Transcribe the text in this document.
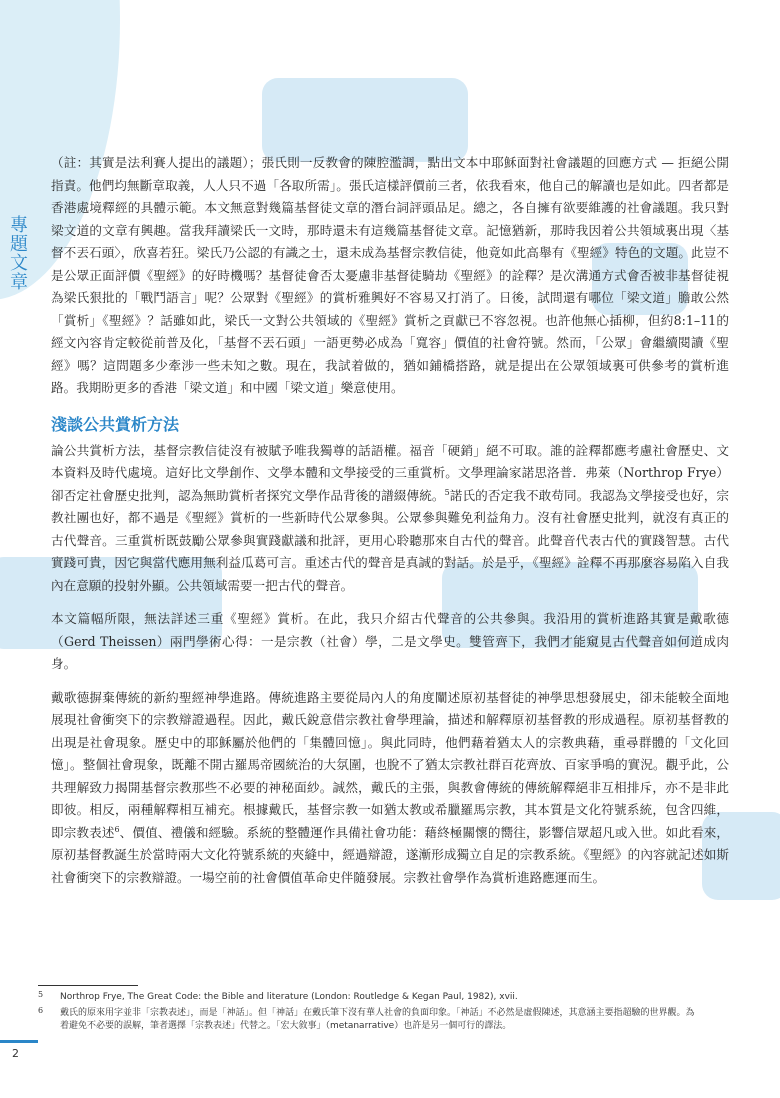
專題文章

（註：其實是法利賽人提出的議題）；張氏則一反教會的陳腔濫調，點出文本中耶穌面對社會議題的回應方式 — 拒絕公開指責。他們均無斷章取義，人人只不過「各取所需」。張氏這樣評價前三者，依我看來，他自己的解讀也是如此。四者都是香港處境釋經的具體示範。本文無意對幾篇基督徒文章的潛台詞評頭品足。總之，各自擁有欲要維護的社會議題。我只對梁文道的文章有興趣。當我拜讀梁氏一文時，那時還未有這幾篇基督徒文章。記憶猶新，那時我因着公共領域裏出現〈基督不丟石頭〉，欣喜若狂。梁氏乃公認的有識之士，還未成為基督宗教信徒，他竟如此高舉有《聖經》特色的文題。此豈不是公眾正面評價《聖經》的好時機嗎？基督徒會否太憂慮非基督徒騎劫《聖經》的詮釋？是次溝通方式會否被非基督徒視為梁氏狠批的「戰鬥語言」呢？公眾對《聖經》的賞析雅興好不容易又打消了。日後，試問還有哪位「梁文道」膽敢公然「賞析」《聖經》？話雖如此，梁氏一文對公共領域的《聖經》賞析之貢獻已不容忽視。也許他無心插柳，但約8:1–11的經文內容肯定較從前普及化，「基督不丟石頭」一語更勢必成為「寬容」價值的社會符號。然而，「公眾」會繼續閱讀《聖經》嗎？這問題多少牽涉一些未知之數。現在，我試着做的，猶如鋪橋搭路，就是提出在公眾領域裏可供參考的賞析進路。我期盼更多的香港「梁文道」和中國「梁文道」樂意使用。

淺談公共賞析方法

論公共賞析方法，基督宗教信徒沒有被賦予唯我獨尊的話語權。福音「硬銷」絕不可取。誰的詮釋都應考慮社會歷史、文本資料及時代處境。這好比文學創作、文學本體和文學接受的三重賞析。文學理論家諾思洛普．弗萊（Northrop Frye）卻否定社會歷史批判，認為無助賞析者探究文學作品背後的譜綴傳統。$^5$諾氏的否定我不敢苟同。我認為文學接受也好，宗教社團也好，都不過是《聖經》賞析的一些新時代公眾參與。公眾參與難免利益角力。沒有社會歷史批判，就沒有真正的古代聲音。三重賞析既鼓勵公眾參與實踐獻議和批評，更用心聆聽那來自古代的聲音。此聲音代表古代的實踐智慧。古代實踐可貴，因它與當代應用無利益瓜葛可言。重述古代的聲音是真誠的對話。於是乎，《聖經》詮釋不再那麼容易陷入自我內在意願的投射外顯。公共領域需要一把古代的聲音。

本文篇幅所限，無法詳述三重《聖經》賞析。在此，我只介紹古代聲音的公共參與。我沿用的賞析進路其實是戴歌德（Gerd Theissen）兩門學術心得：一是宗教（社會）學，二是文學史。雙管齊下，我們才能窺見古代聲音如何道成肉身。

戴歌德摒棄傳統的新約聖經神學進路。傳統進路主要從局內人的角度闡述原初基督徒的神學思想發展史，卻未能較全面地展現社會衝突下的宗教辯證過程。因此，戴氏銳意借宗教社會學理論，描述和解釋原初基督教的形成過程。原初基督教的出現是社會現象。歷史中的耶穌屬於他們的「集體回憶」。與此同時，他們藉着猶太人的宗教典藉，重尋群體的「文化回憶」。整個社會現象，既離不開古羅馬帝國統治的大氛圍，也脫不了猶太宗教社群百花齊放、百家爭鳴的實況。觀乎此，公共理解致力揭開基督宗教那些不必要的神秘面紗。誠然，戴氏的主張，與教會傳統的傳統解釋絕非互相排斥，亦不是非此即彼。相反，兩種解釋相互補充。根據戴氏，基督宗教一如猶太教或希臘羅馬宗教，其本質是文化符號系統，包含四維，即宗教表述$^6$、價值、禮儀和經驗。系統的整體運作具備社會功能：藉終極關懷的嚮往，影響信眾超凡或入世。如此看來，原初基督教誕生於當時兩大文化符號系統的夾縫中，經過辯證，遂漸形成獨立自足的宗教系統。《聖經》的內容就記述如斯社會衝突下的宗教辯證。一場空前的社會價值革命史伴隨發展。宗教社會學作為賞析進路應運而生。

5 Northrop Frye, The Great Code: the Bible and literature (London: Routledge & Kegan Paul, 1982), xvii.
6 戴氏的原來用字並非「宗教表述」，而是「神話」。但「神話」在戴氏筆下沒有華人社會的負面印象。「神話」不必然是虛假陳述，其意涵主要指超驗的世界觀。為着避免不必要的誤解，筆者選擇「宗教表述」代替之。「宏大敘事」（metanarrative）也許是另一個可行的譯法。
2
